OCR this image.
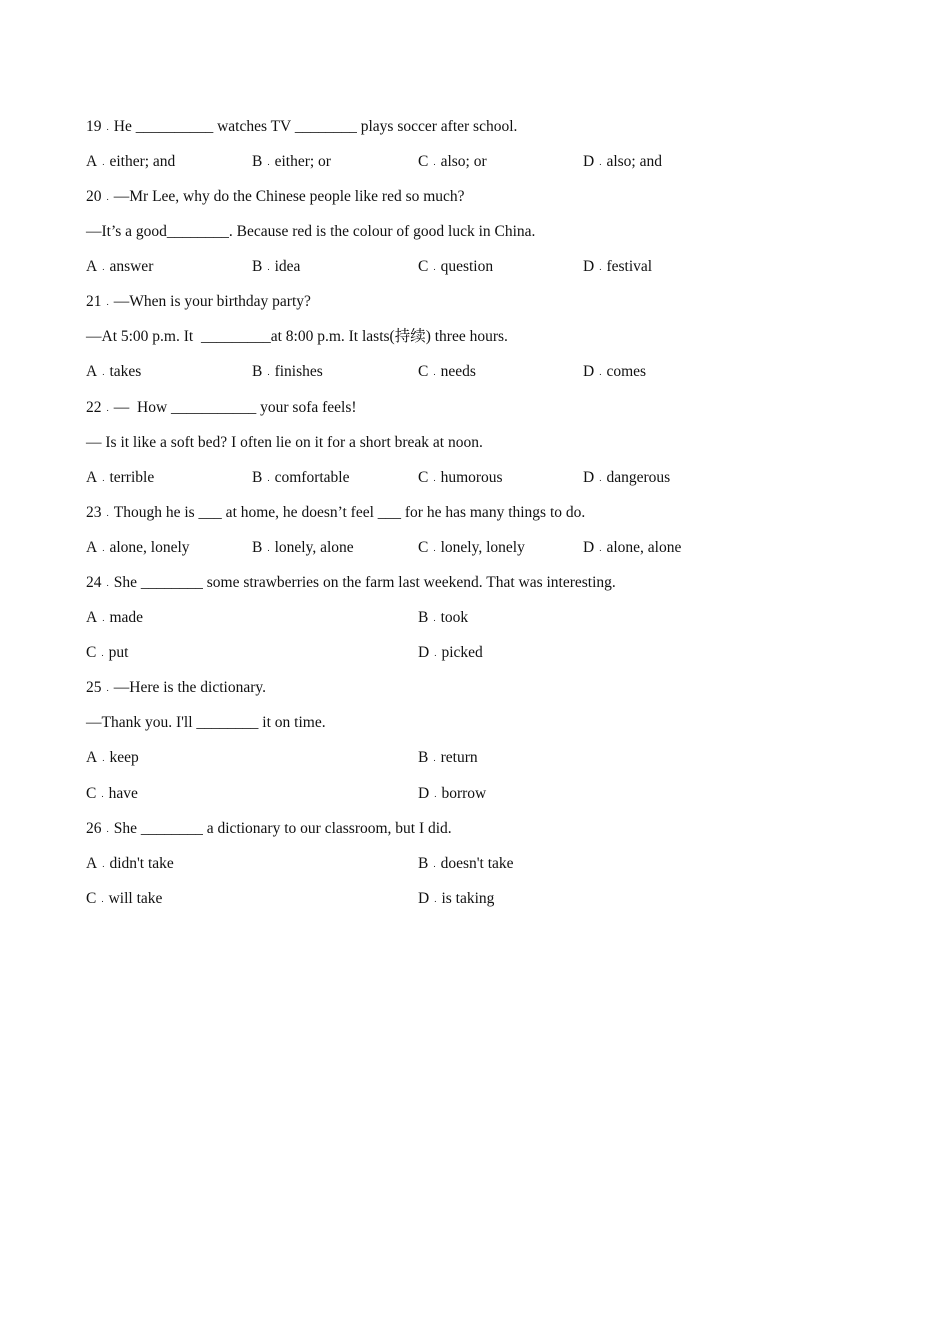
19 . He __________ watches TV ________ plays soccer after school.
A . either; and	B . either; or	C . also; or	D . also; and
20 . —Mr Lee, why do the Chinese people like red so much?
—It’s a good________. Because red is the colour of good luck in China.
A . answer	B . idea	C . question	D . festival
21 . —When is your birthday party?
—At 5:00 p.m. It  _________at 8:00 p.m. It lasts(持续) three hours.
A . takes	B . finishes	C . needs	D . comes
22 . —  How ___________ your sofa feels!
— Is it like a soft bed? I often lie on it for a short break at noon.
A . terrible	B . comfortable	C . humorous	D . dangerous
23 . Though he is ___ at home, he doesn’t feel ___ for he has many things to do.
A . alone, lonely	B . lonely, alone	C . lonely, lonely	D . alone, alone
24 . She ________ some strawberries on the farm last weekend. That was interesting.
A . made	B . took
C . put	D . picked
25 . —Here is the dictionary.
—Thank you. I'll ________ it on time.
A . keep	B . return
C . have	D . borrow
26 . She ________ a dictionary to our classroom, but I did.
A . didn't take	B . doesn't take
C . will take	D . is taking
